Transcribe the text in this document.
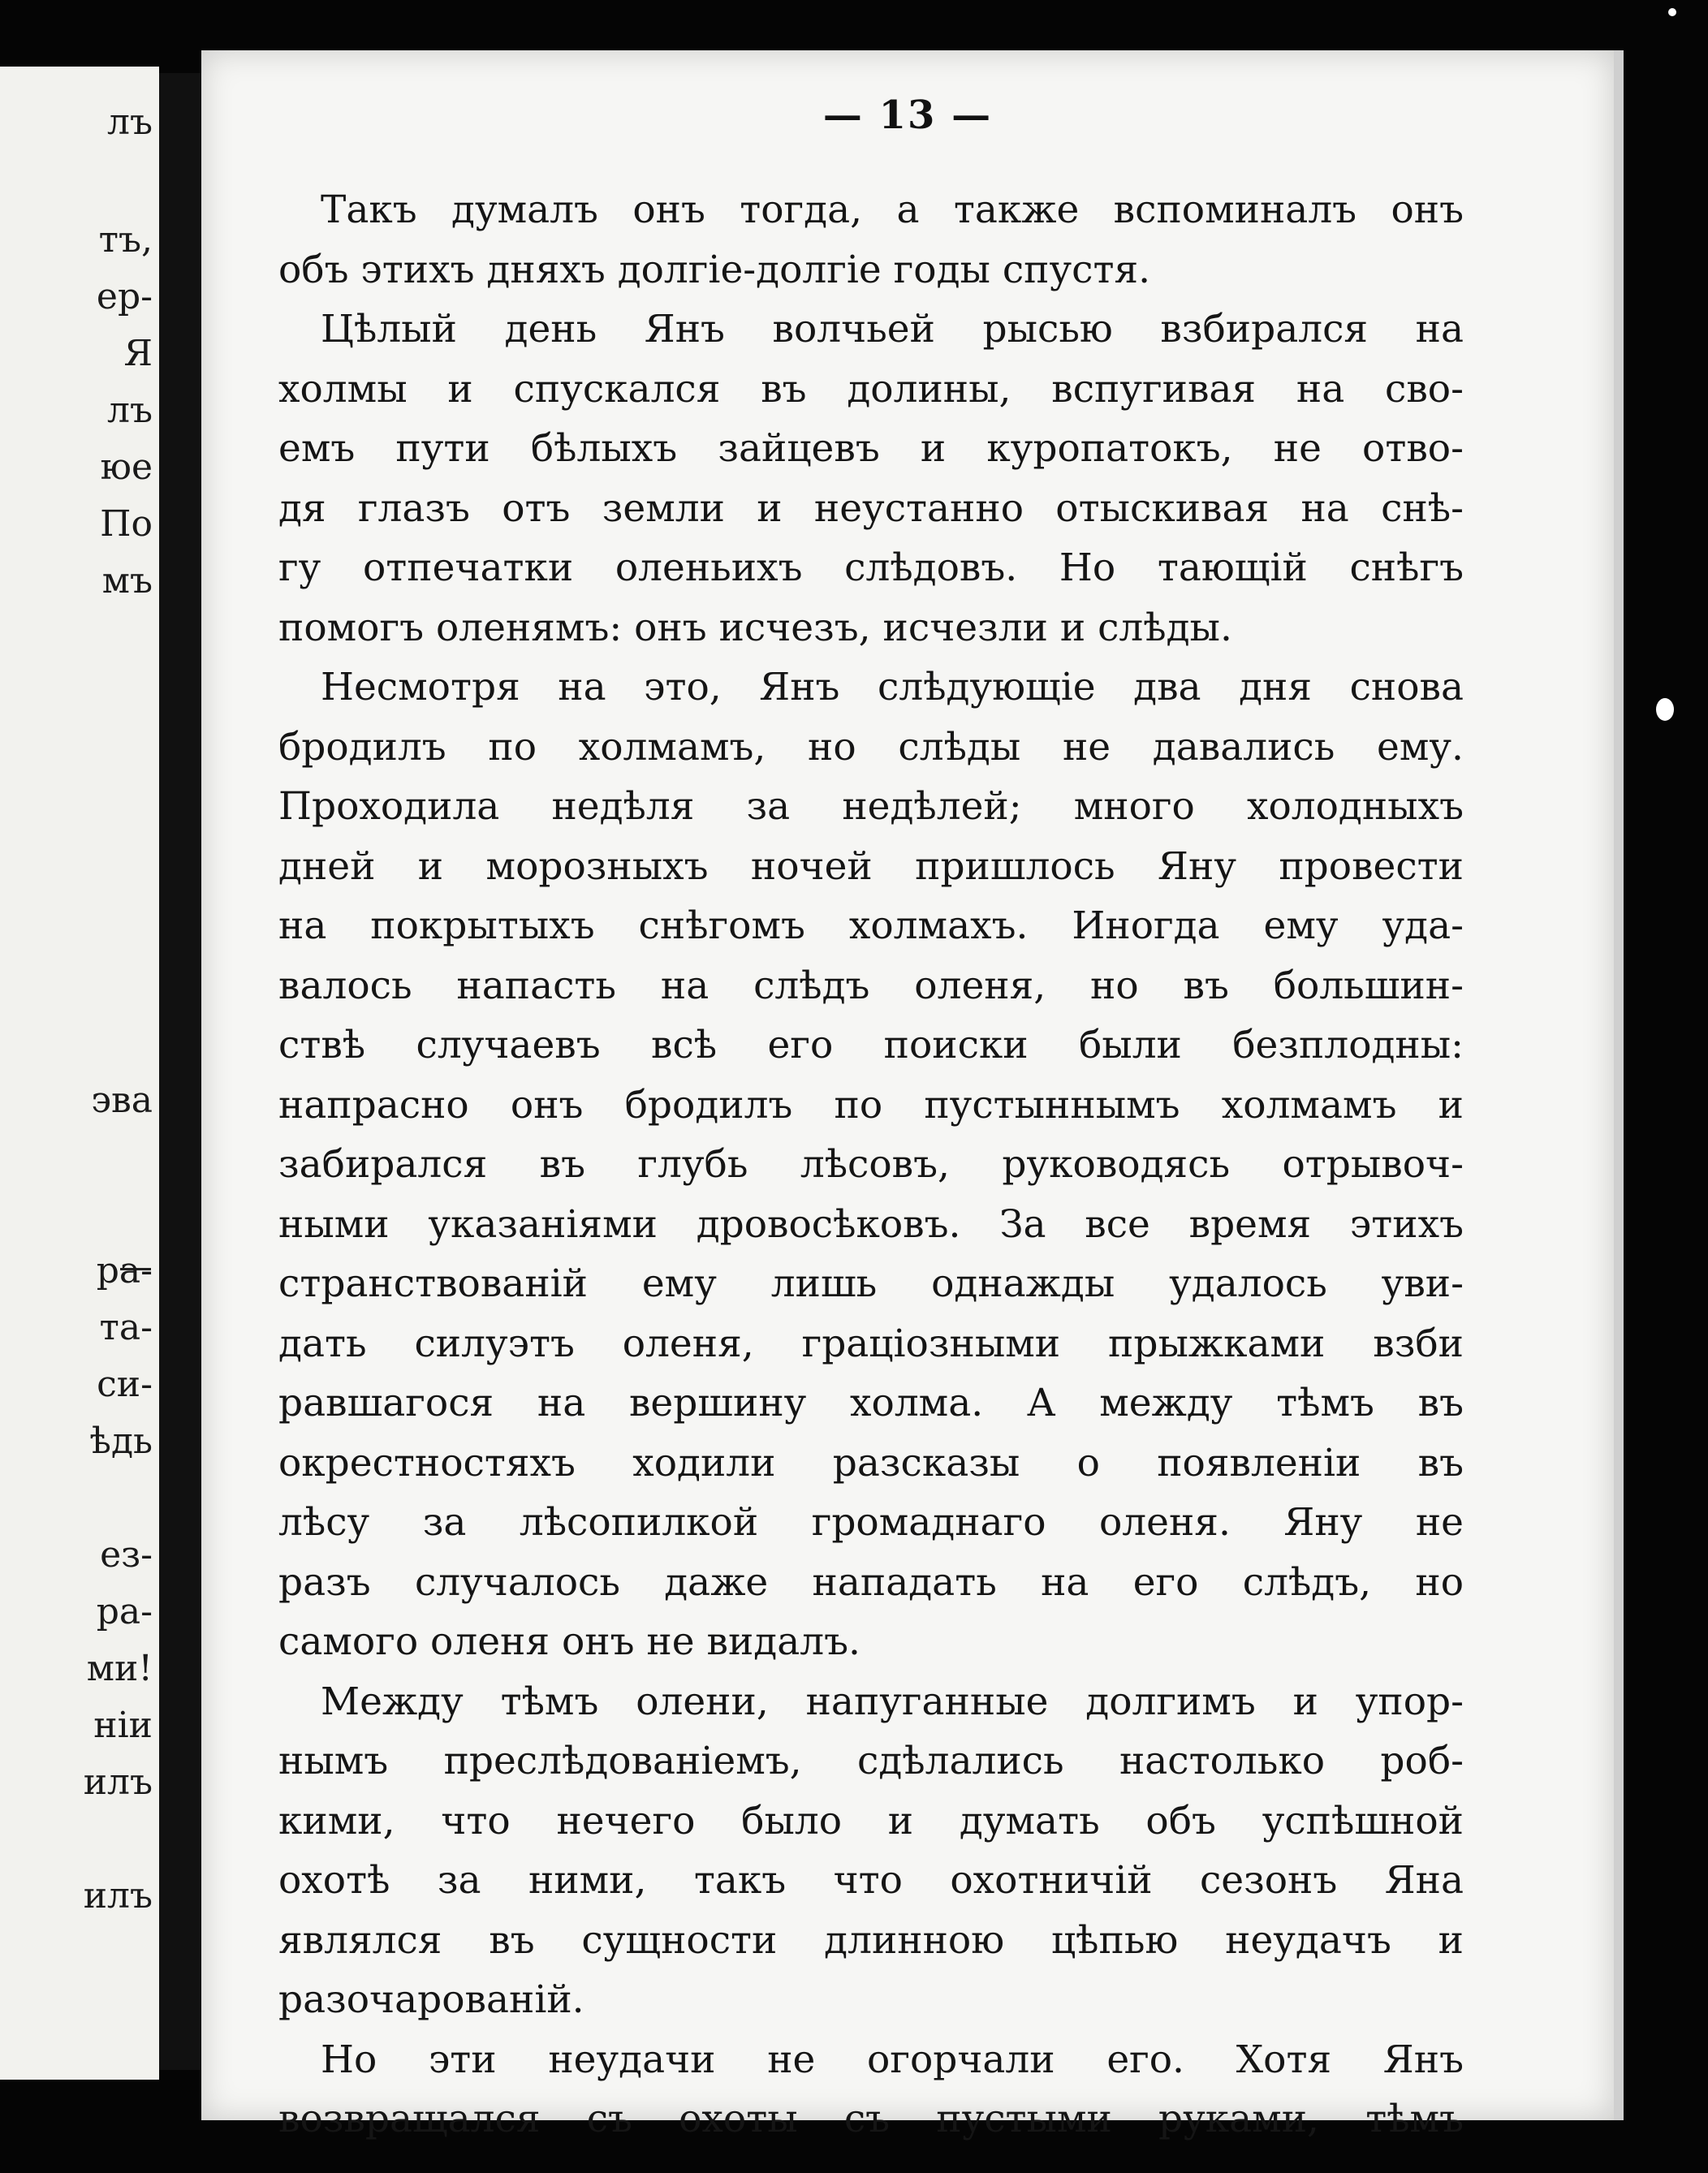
лъ
тъ,
ер-
Я
лъ
юе
По
мъ
эва
ра-
та-
си-
ѣдь
ез-
ра-
ми!
нiи
илъ
илъ
— 13 —
Такъ думалъ онъ тогда, а также вспоминалъ онъ
объ этихъ дняхъ долгiе-долгiе годы спустя.
Цѣлый день Янъ волчьей рысью взбирался на
холмы и спускался въ долины, вспугивая на сво-
емъ пути бѣлыхъ зайцевъ и куропатокъ, не отво-
дя глазъ отъ земли и неустанно отыскивая на снѣ-
гу отпечатки оленьихъ слѣдовъ. Но тающiй снѣгъ
помогъ оленямъ: онъ исчезъ, исчезли и слѣды.
Несмотря на это, Янъ слѣдующiе два дня снова
бродилъ по холмамъ, но слѣды не давались ему.
Проходила недѣля за недѣлей; много холодныхъ
дней и морозныхъ ночей пришлось Яну провести
на покрытыхъ снѣгомъ холмахъ. Иногда ему уда-
валось напасть на слѣдъ оленя, но въ большин-
ствѣ случаевъ всѣ его поиски были безплодны:
напрасно онъ бродилъ по пустыннымъ холмамъ и
забирался въ глубь лѣсовъ, руководясь отрывоч-
ными указанiями дровосѣковъ. За все время этихъ
странствованiй ему лишь однажды удалось уви-
дать силуэтъ оленя, грацiозными прыжками взби
равшагося на вершину холма. А между тѣмъ въ
окрестностяхъ ходили разсказы о появленiи въ
лѣсу за лѣсопилкой громаднаго оленя. Яну не
разъ случалось даже нападать на его слѣдъ, но
самого оленя онъ не видалъ.
Между тѣмъ олени, напуганные долгимъ и упор-
нымъ преслѣдованiемъ, сдѣлались настолько роб-
кими, что нечего было и думать объ успѣшной
охотѣ за ними, такъ что охотничiй сезонъ Яна
являлся въ сущности длинною цѣпью неудачъ и
разочарованiй.
Но эти неудачи не огорчали его. Хотя Янъ
возвращался съ охоты съ пустыми руками, тѣмъ
